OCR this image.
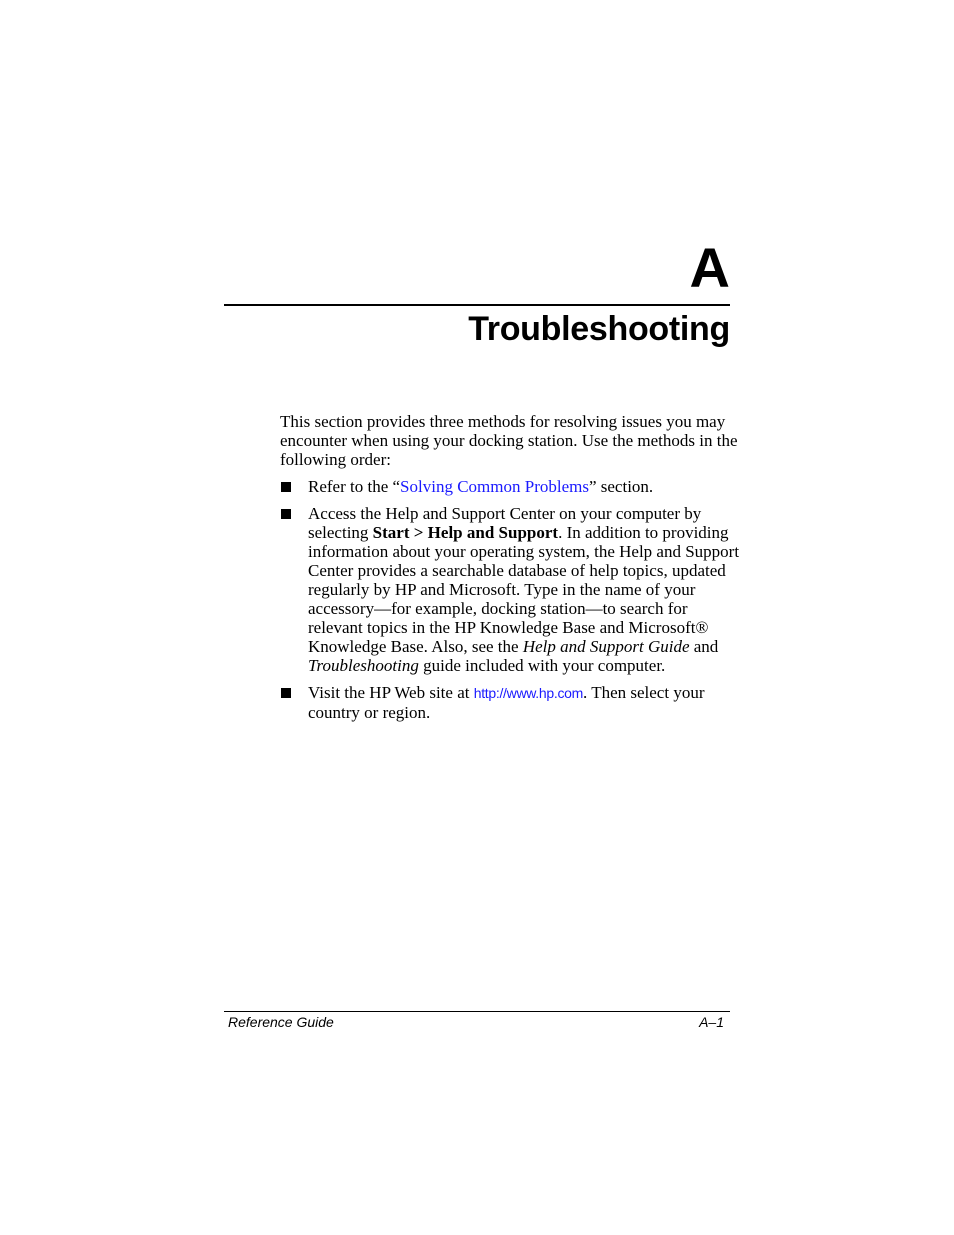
A
Troubleshooting

This section provides three methods for resolving issues you may encounter when using your docking station. Use the methods in the following order:

Refer to the “Solving Common Problems” section.
Access the Help and Support Center on your computer by selecting Start > Help and Support. In addition to providing information about your operating system, the Help and Support Center provides a searchable database of help topics, updated regularly by HP and Microsoft. Type in the name of your accessory—for example, docking station—to search for relevant topics in the HP Knowledge Base and Microsoft® Knowledge Base. Also, see the Help and Support Guide and Troubleshooting guide included with your computer.
Visit the HP Web site at http://www.hp.com. Then select your country or region.
Reference Guide	A–1
